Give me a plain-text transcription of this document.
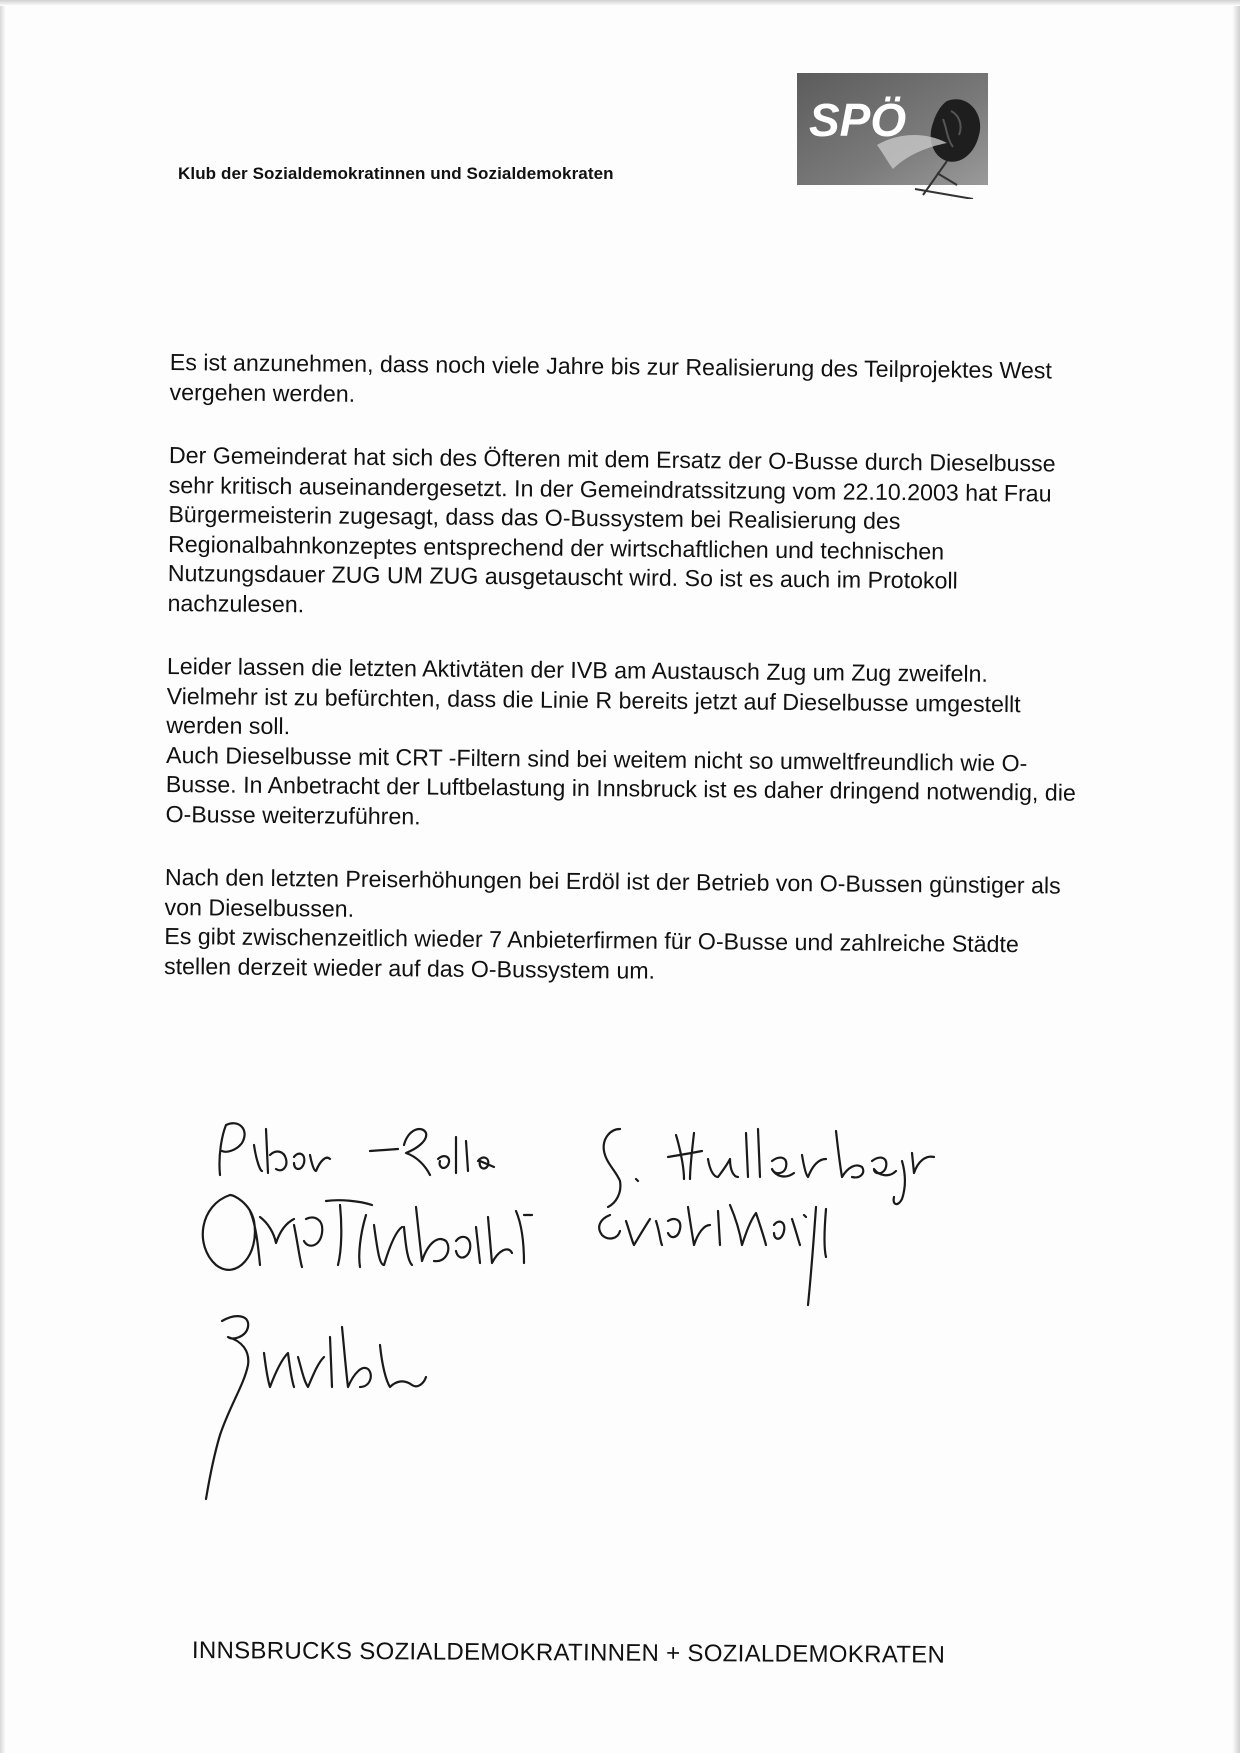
Klub der Sozialdemokratinnen und Sozialdemokraten
SPÖ

Es ist anzunehmen, dass noch viele Jahre bis zur Realisierung des Teilprojektes West
vergehen werden.

Der Gemeinderat hat sich des Öfteren mit dem Ersatz der O-Busse durch Dieselbusse
sehr kritisch auseinandergesetzt. In der Gemeindratssitzung vom 22.10.2003 hat Frau
Bürgermeisterin zugesagt, dass das O-Bussystem bei Realisierung des
Regionalbahnkonzeptes entsprechend der wirtschaftlichen und technischen
Nutzungsdauer ZUG UM ZUG ausgetauscht wird. So ist es auch im Protokoll
nachzulesen.

Leider lassen die letzten Aktivtäten der IVB am Austausch Zug um Zug zweifeln.
Vielmehr ist zu befürchten, dass die Linie R bereits jetzt auf Dieselbusse umgestellt
werden soll.

Auch Dieselbusse mit CRT -Filtern sind bei weitem nicht so umweltfreundlich wie O-
Busse. In Anbetracht der Luftbelastung in Innsbruck ist es daher dringend notwendig, die
O-Busse weiterzuführen.

Nach den letzten Preiserhöhungen bei Erdöl ist der Betrieb von O-Bussen günstiger als
von Dieselbussen.

Es gibt zwischenzeitlich wieder 7 Anbieterfirmen für O-Busse und zahlreiche Städte
stellen derzeit wieder auf das O-Bussystem um.

INNSBRUCKS SOZIALDEMOKRATINNEN + SOZIALDEMOKRATEN
